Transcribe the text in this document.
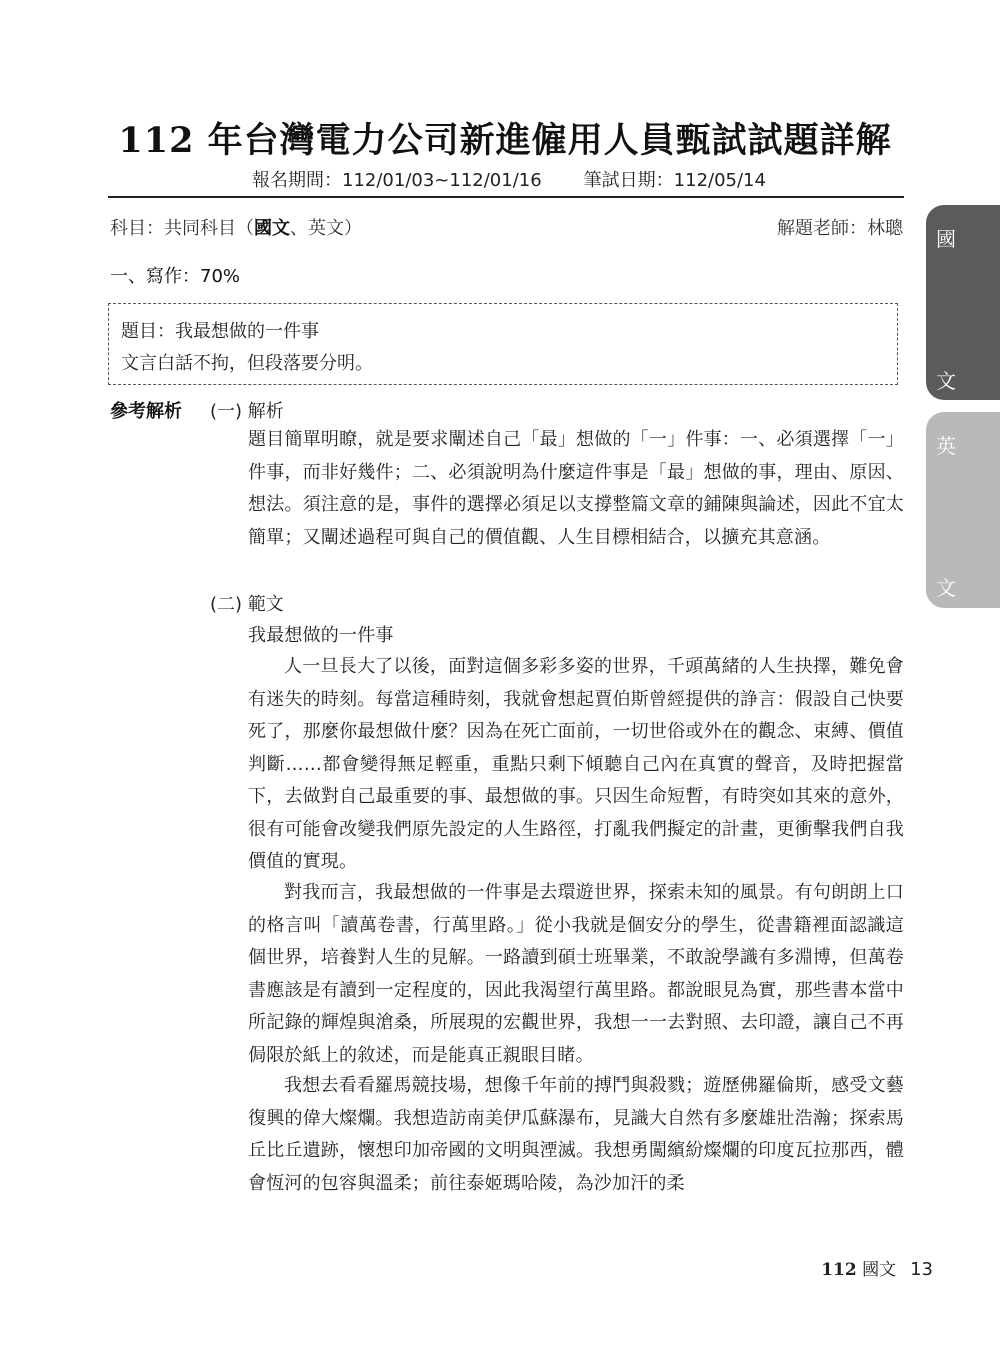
112 年台灣電力公司新進僱用人員甄試試題詳解
報名期間：112/01/03~112/01/16 筆試日期：112/05/14
科目：共同科目（國文、英文）	解題老師：林聰
一、寫作：70%
題目：我最想做的一件事
文言白話不拘，但段落要分明。
參考解析 (一) 解析
題目簡單明瞭，就是要求闡述自己「最」想做的「一」件事：一、必須選擇「一」件事，而非好幾件；二、必須說明為什麼這件事是「最」想做的事，理由、原因、想法。須注意的是，事件的選擇必須足以支撐整篇文章的鋪陳與論述，因此不宜太簡單；又闡述過程可與自己的價值觀、人生目標相結合，以擴充其意涵。
(二) 範文
我最想做的一件事
人一旦長大了以後，面對這個多彩多姿的世界，千頭萬緒的人生抉擇，難免會有迷失的時刻。每當這種時刻，我就會想起賈伯斯曾經提供的諍言：假設自己快要死了，那麼你最想做什麼？因為在死亡面前，一切世俗或外在的觀念、束縛、價值判斷……都會變得無足輕重，重點只剩下傾聽自己內在真實的聲音，及時把握當下，去做對自己最重要的事、最想做的事。只因生命短暫，有時突如其來的意外，很有可能會改變我們原先設定的人生路徑，打亂我們擬定的計畫，更衝擊我們自我價值的實現。
對我而言，我最想做的一件事是去環遊世界，探索未知的風景。有句朗朗上口的格言叫「讀萬卷書，行萬里路。」從小我就是個安分的學生，從書籍裡面認識這個世界，培養對人生的見解。一路讀到碩士班畢業，不敢說學識有多淵博，但萬卷書應該是有讀到一定程度的，因此我渴望行萬里路。都說眼見為實，那些書本當中所記錄的輝煌與滄桑，所展現的宏觀世界，我想一一去對照、去印證，讓自己不再侷限於紙上的敘述，而是能真正親眼目睹。
我想去看看羅馬競技場，想像千年前的搏鬥與殺戮；遊歷佛羅倫斯，感受文藝復興的偉大燦爛。我想造訪南美伊瓜蘇瀑布，見識大自然有多麼雄壯浩瀚；探索馬丘比丘遺跡，懷想印加帝國的文明與湮滅。我想勇闖繽紛燦爛的印度瓦拉那西，體會恆河的包容與溫柔；前往泰姬瑪哈陵，為沙加汗的柔
國
文
英
文
112 國文 13
